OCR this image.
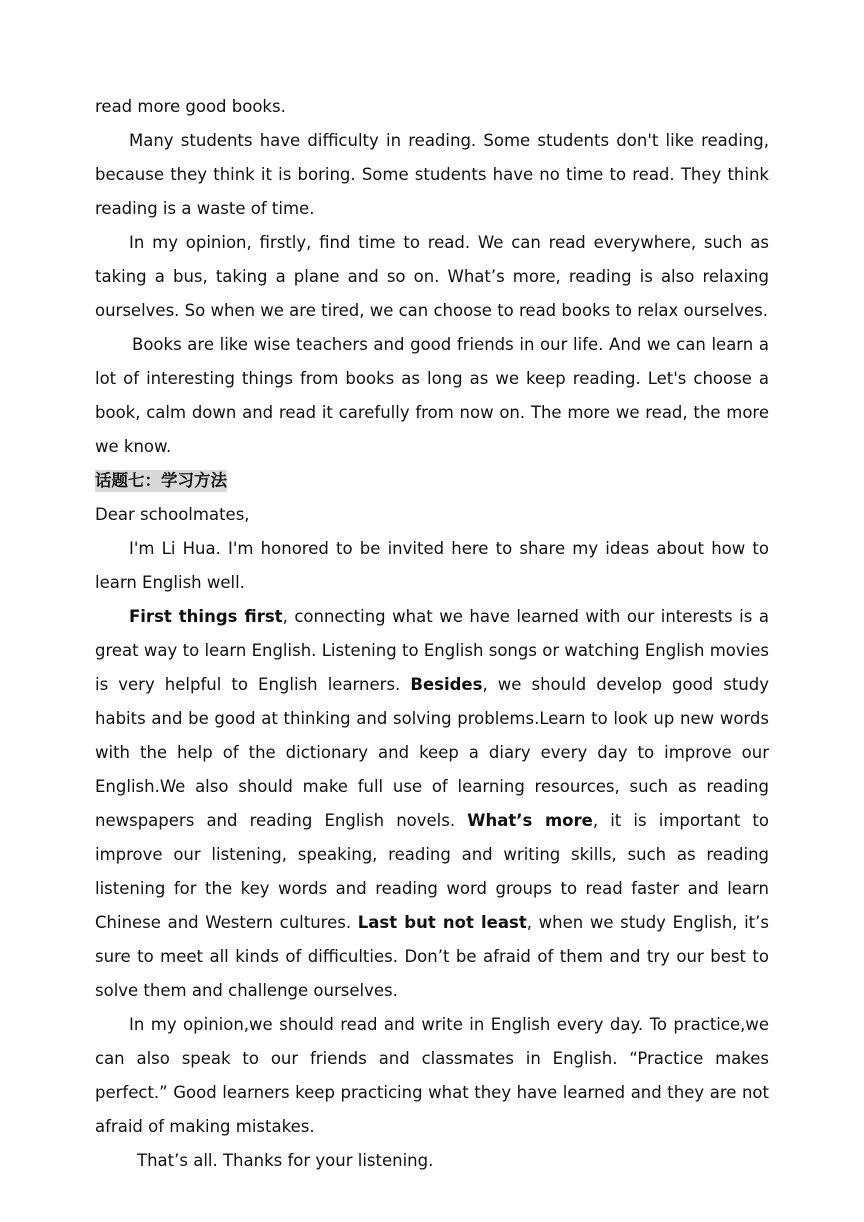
read more good books.

Many students have difficulty in reading. Some students don't like reading, because they think it is boring. Some students have no time to read. They think reading is a waste of time.

In my opinion, firstly, find time to read. We can read everywhere, such as taking a bus, taking a plane and so on. What’s more, reading is also relaxing ourselves. So when we are tired, we can choose to read books to relax ourselves.

Books are like wise teachers and good friends in our life. And we can learn a lot of interesting things from books as long as we keep reading. Let's choose a book, calm down and read it carefully from now on. The more we read, the more we know.

话题七：学习方法

Dear schoolmates,

I'm Li Hua. I'm honored to be invited here to share my ideas about how to learn English well.

First things first, connecting what we have learned with our interests is a great way to learn English. Listening to English songs or watching English movies is very helpful to English learners. Besides, we should develop good study habits and be good at thinking and solving problems.Learn to look up new words with the help of the dictionary and keep a diary every day to improve our English.We also should make full use of learning resources, such as reading newspapers and reading English novels. What’s more, it is important to improve our listening, speaking, reading and writing skills, such as reading listening for the key words and reading word groups to read faster and learn Chinese and Western cultures. Last but not least, when we study English, it’s sure to meet all kinds of difficulties. Don’t be afraid of them and try our best to solve them and challenge ourselves.

In my opinion,we should read and write in English every day. To practice,we can also speak to our friends and classmates in English. “Practice makes perfect.” Good learners keep practicing what they have learned and they are not afraid of making mistakes.

That’s all. Thanks for your listening.
